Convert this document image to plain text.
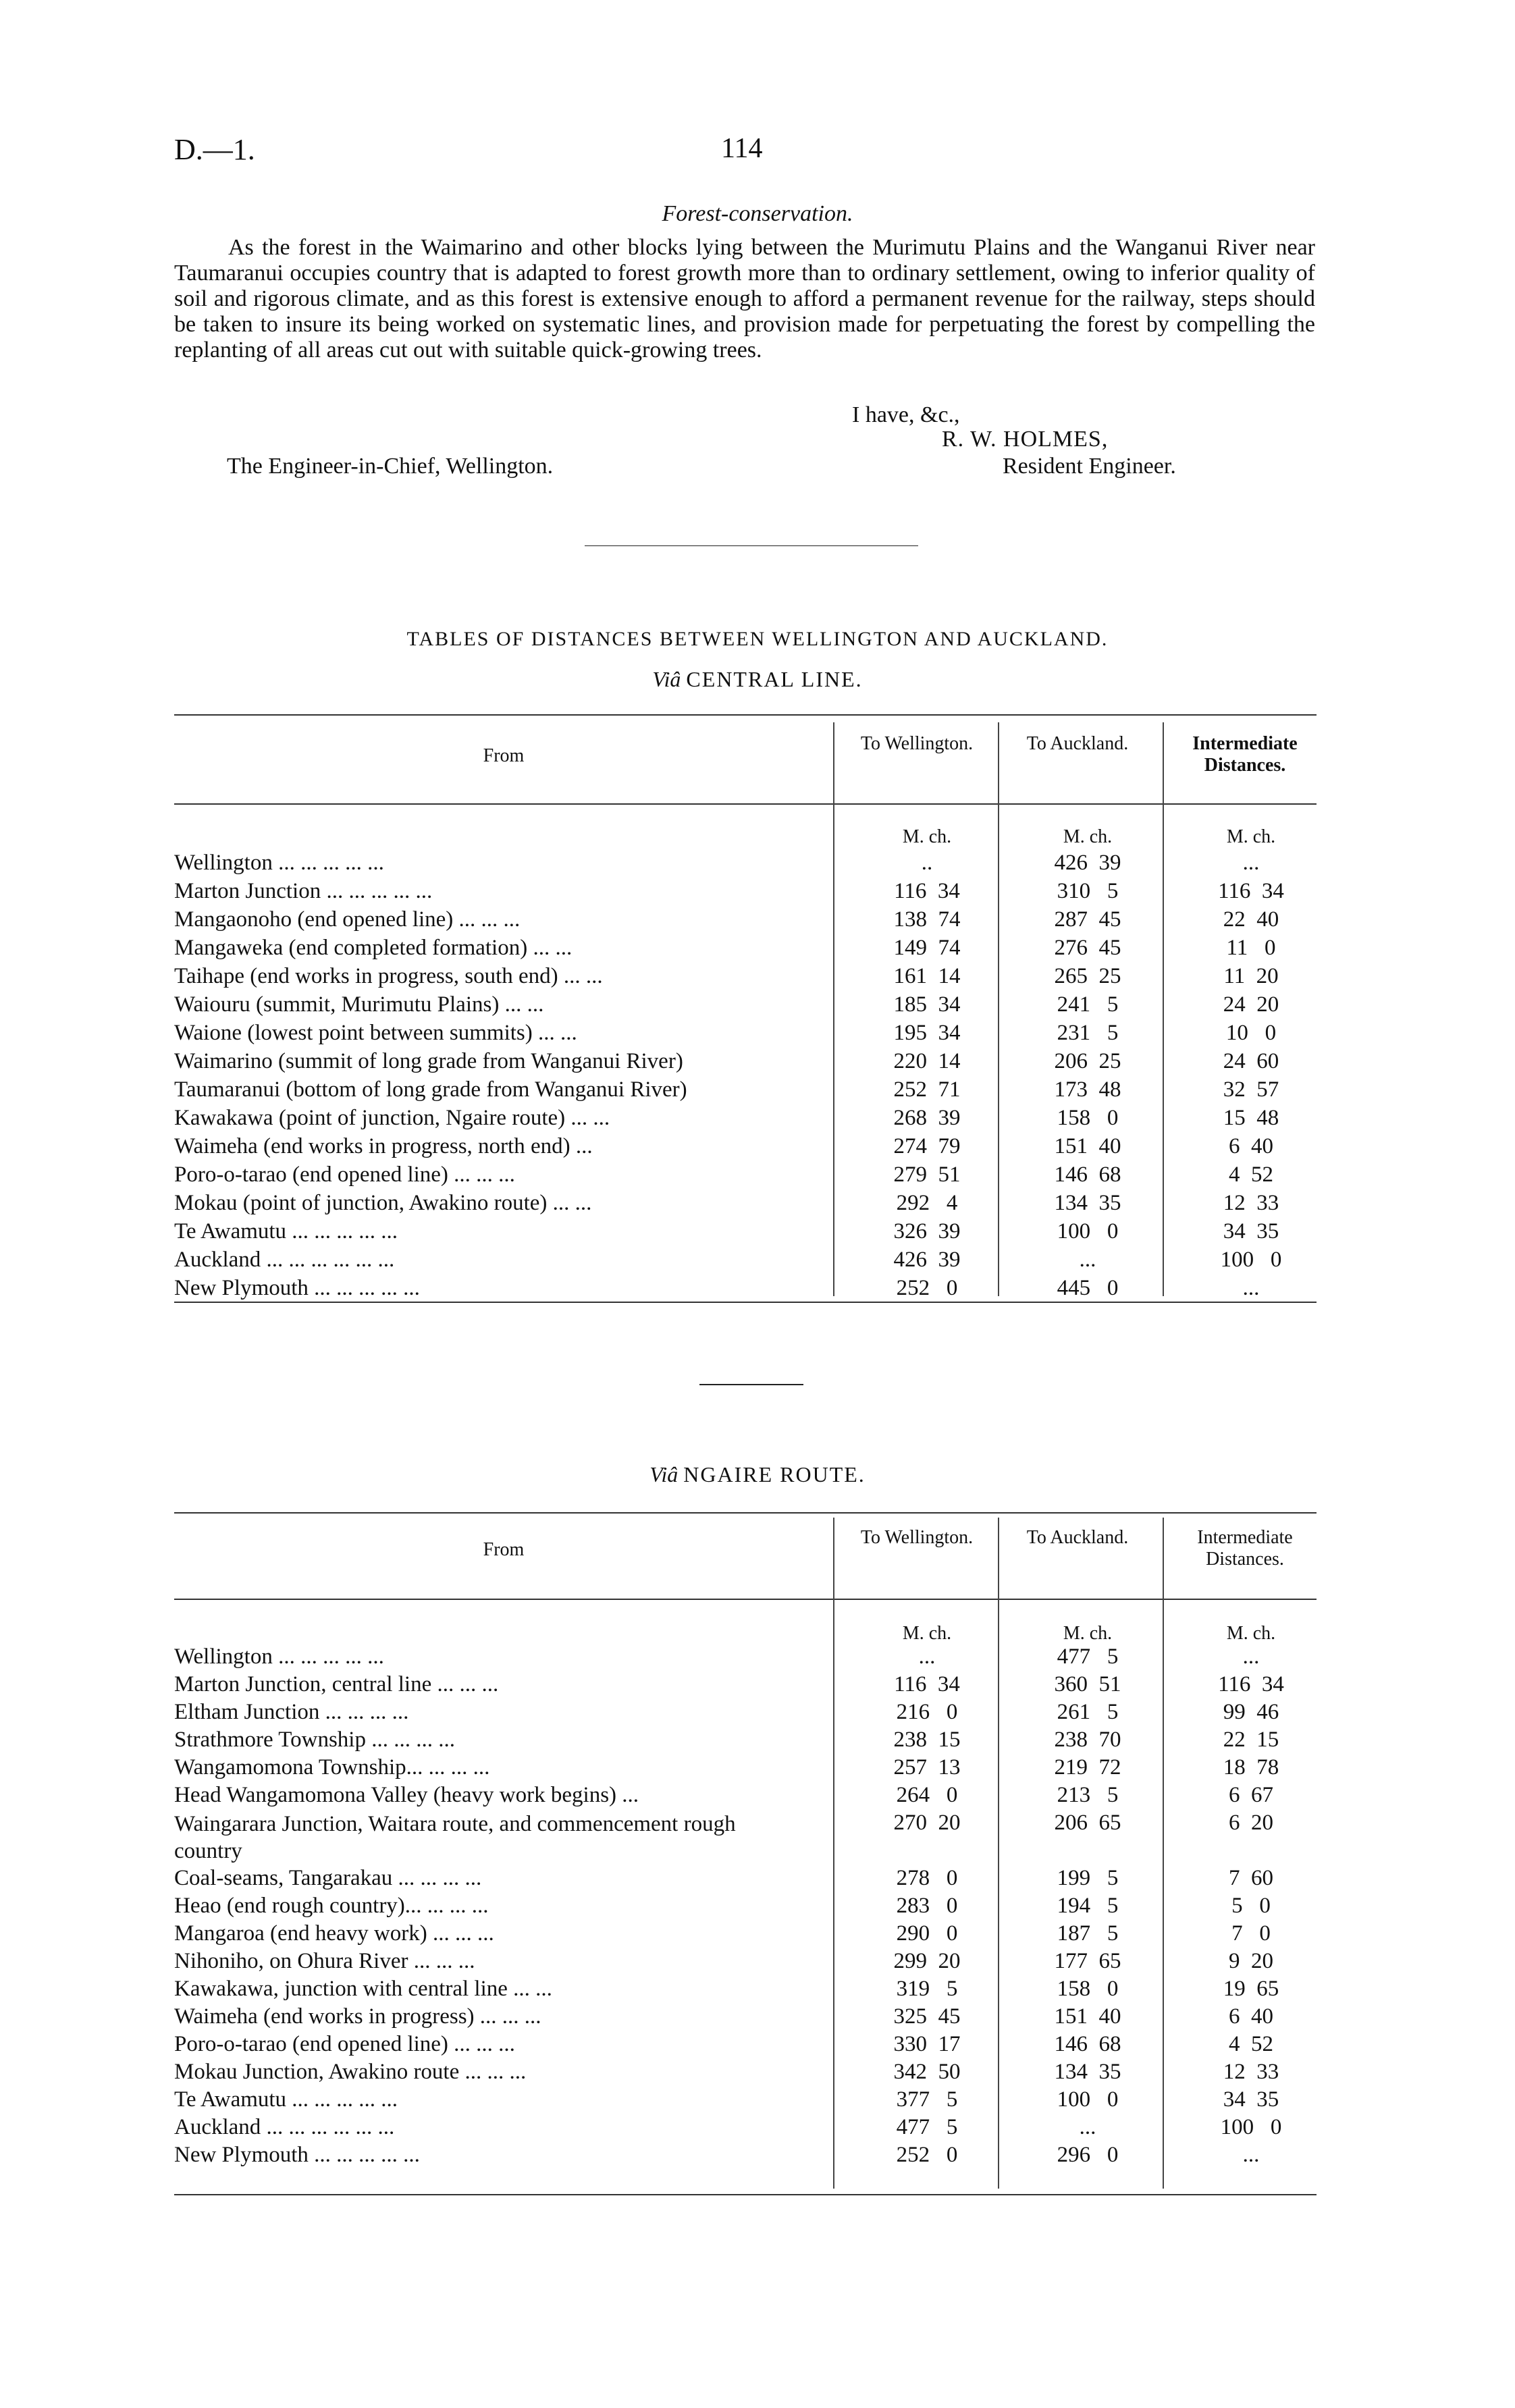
D.—1.	114
Forest-conservation.

As the forest in the Waimarino and other blocks lying between the Murimutu Plains and the Wanganui River near Taumaranui occupies country that is adapted to forest growth more than to ordinary settlement, owing to inferior quality of soil and rigorous climate, and as this forest is extensive enough to afford a permanent revenue for the railway, steps should be taken to insure its being worked on systematic lines, and provision made for perpetuating the forest by compelling the replanting of all areas cut out with suitable quick-growing trees.

I have, &c.,
R. W. HOLMES,
The Engineer-in-Chief, Wellington.	Resident Engineer.
TABLES OF DISTANCES BETWEEN WELLINGTON AND AUCKLAND.
Viâ CENTRAL LINE.
From
To Wellington.	To Auckland.	Intermediate Distances.
M. ch.	M. ch.	M. ch.
Wellington ... ... ... ... ...	..	426  39	...
Marton Junction ... ... ... ... ...	116  34	310   5	116  34
Mangaonoho (end opened line) ... ... ...	138  74	287  45	22  40
Mangaweka (end completed formation) ... ...	149  74	276  45	11   0
Taihape (end works in progress, south end) ... ...	161  14	265  25	11  20
Waiouru (summit, Murimutu Plains) ... ...	185  34	241   5	24  20
Waione (lowest point between summits) ... ...	195  34	231   5	10   0
Waimarino (summit of long grade from Wanganui River)	220  14	206  25	24  60
Taumaranui (bottom of long grade from Wanganui River)	252  71	173  48	32  57
Kawakawa (point of junction, Ngaire route) ... ...	268  39	158   0	15  48
Waimeha (end works in progress, north end) ...	274  79	151  40	6  40
Poro-o-tarao (end opened line) ... ... ...	279  51	146  68	4  52
Mokau (point of junction, Awakino route) ... ...	292   4	134  35	12  33
Te Awamutu ... ... ... ... ...	326  39	100   0	34  35
Auckland ... ... ... ... ... ...	426  39	...	100   0
New Plymouth ... ... ... ... ...	252   0	445   0	...
Viâ NGAIRE ROUTE.
From
To Wellington.	To Auckland.	Intermediate Distances.
M. ch.	M. ch.	M. ch.
Wellington ... ... ... ... ...	...	477   5	...
Marton Junction, central line ... ... ...	116  34	360  51	116  34
Eltham Junction ... ... ... ...	216   0	261   5	99  46
Strathmore Township ... ... ... ...	238  15	238  70	22  15
Wangamomona Township... ... ... ...	257  13	219  72	18  78
Head Wangamomona Valley (heavy work begins) ...	264   0	213   5	6  67
Waingarara Junction, Waitara route, and commencement rough country
270  20	206  65	6  20
Coal-seams, Tangarakau ... ... ... ...	278   0	199   5	7  60
Heao (end rough country)... ... ... ...	283   0	194   5	5   0
Mangaroa (end heavy work) ... ... ...	290   0	187   5	7   0
Nihoniho, on Ohura River ... ... ...	299  20	177  65	9  20
Kawakawa, junction with central line ... ...	319   5	158   0	19  65
Waimeha (end works in progress) ... ... ...	325  45	151  40	6  40
Poro-o-tarao (end opened line) ... ... ...	330  17	146  68	4  52
Mokau Junction, Awakino route ... ... ...	342  50	134  35	12  33
Te Awamutu ... ... ... ... ...	377   5	100   0	34  35
Auckland ... ... ... ... ... ...	477   5	...	100   0
New Plymouth ... ... ... ... ...	252   0	296   0	...
